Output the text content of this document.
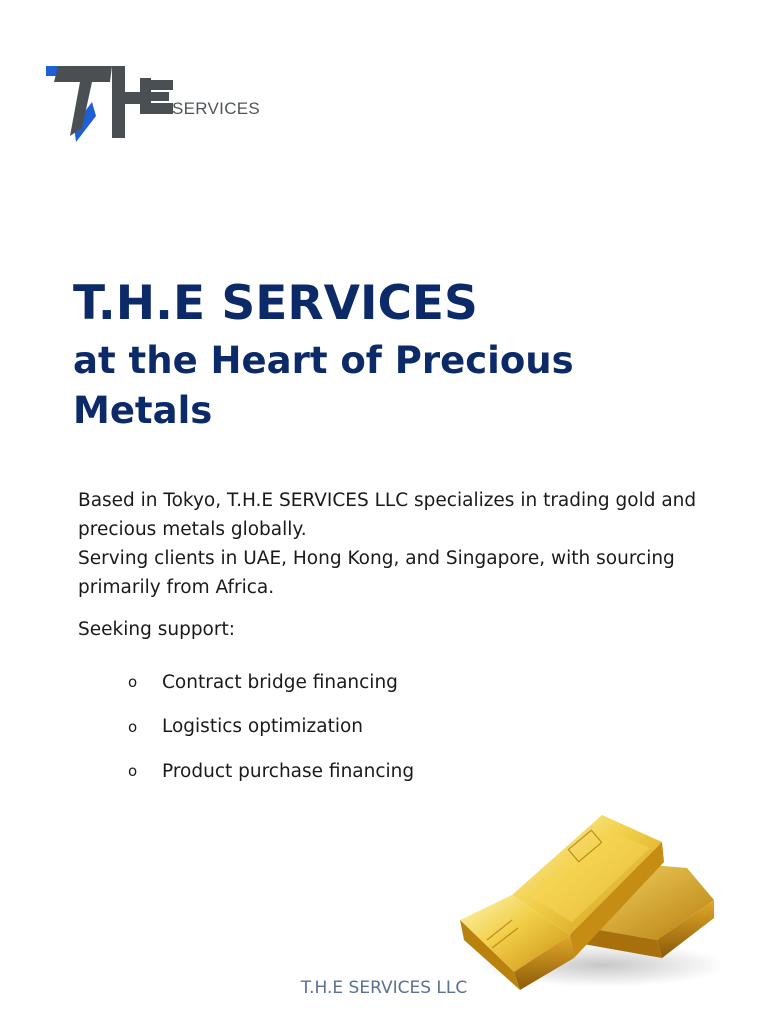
SERVICES
T.H.E SERVICES
at the Heart of Precious Metals

Based in Tokyo, T.H.E SERVICES LLC specializes in trading gold and precious metals globally.

Serving clients in UAE, Hong Kong, and Singapore, with sourcing primarily from Africa.

Seeking support:
o	Contract bridge financing
o	Logistics optimization
o	Product purchase financing
T.H.E SERVICES LLC
